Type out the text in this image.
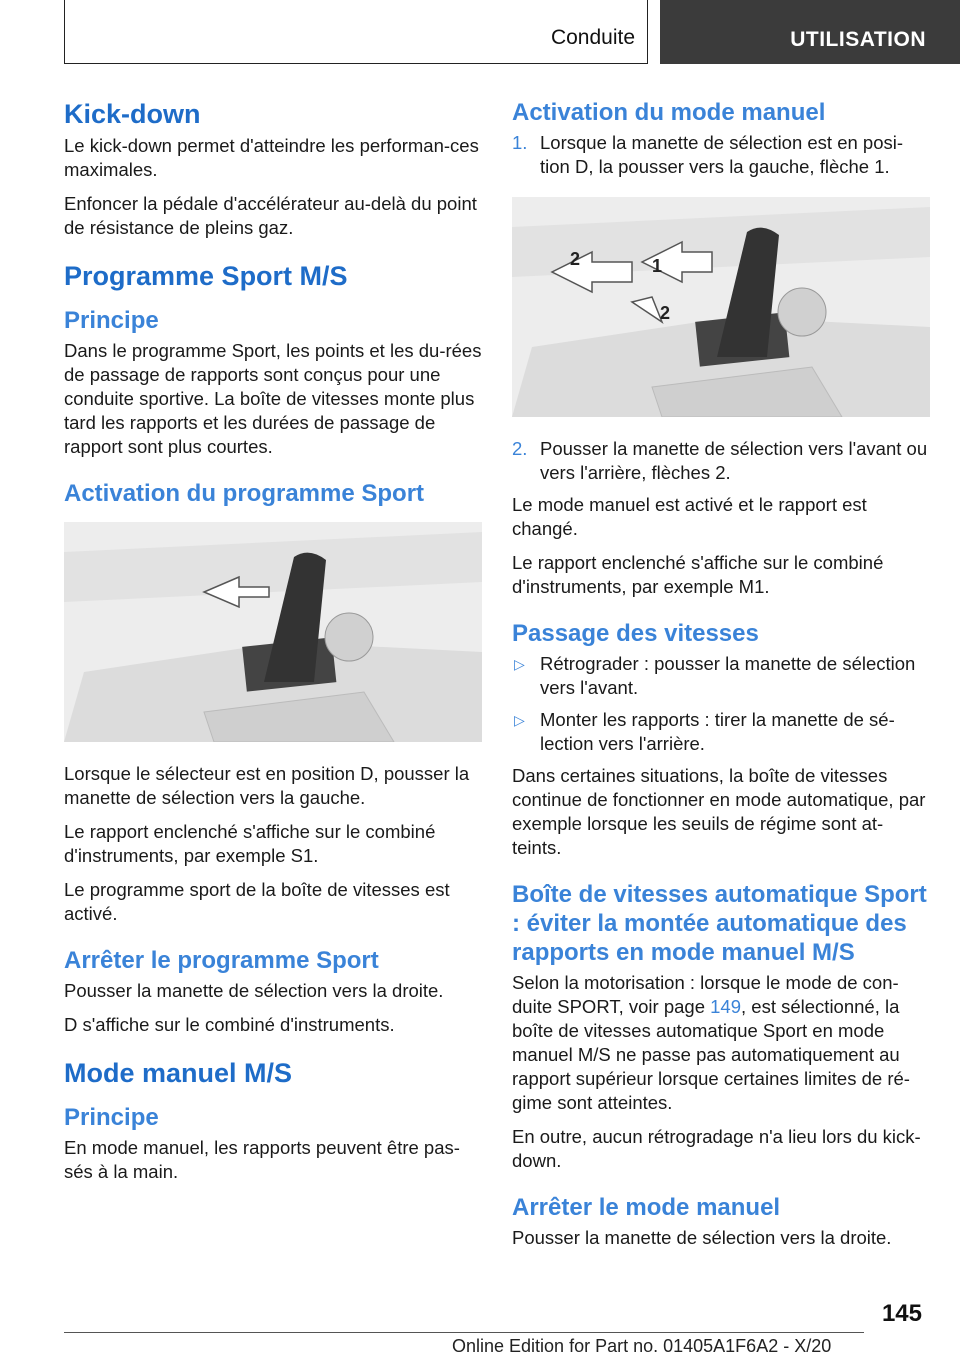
Conduite	UTILISATION
Kick-down
Le kick-down permet d'atteindre les performan‐ces maximales.
Enfoncer la pédale d'accélérateur au-delà du point de résistance de pleins gaz.
Programme Sport M/S
Principe
Dans le programme Sport, les points et les du‐rées de passage de rapports sont conçus pour une conduite sportive. La boîte de vitesses monte plus tard les rapports et les durées de passage de rapport sont plus courtes.
Activation du programme Sport
Lorsque le sélecteur est en position D, pousser la manette de sélection vers la gauche.
Le rapport enclenché s'affiche sur le combiné d'instruments, par exemple S1.
Le programme sport de la boîte de vitesses est activé.
Arrêter le programme Sport
Pousser la manette de sélection vers la droite.
D s'affiche sur le combiné d'instruments.
Mode manuel M/S
Principe
En mode manuel, les rapports peuvent être pas‐sés à la main.
Activation du mode manuel
1. Lorsque la manette de sélection est en posi‐tion D, la pousser vers la gauche, flèche 1.
2	1
2
2. Pousser la manette de sélection vers l'avant ou vers l'arrière, flèches 2.
Le mode manuel est activé et le rapport est changé.
Le rapport enclenché s'affiche sur le combiné d'instruments, par exemple M1.
Passage des vitesses
▷ Rétrograder : pousser la manette de sélection vers l'avant.
▷ Monter les rapports : tirer la manette de sé‐lection vers l'arrière.
Dans certaines situations, la boîte de vitesses continue de fonctionner en mode automatique, par exemple lorsque les seuils de régime sont at‐teints.
Boîte de vitesses automatique Sport : éviter la montée automatique des rapports en mode manuel M/S
Selon la motorisation : lorsque le mode de con‐duite SPORT, voir page 149, est sélectionné, la boîte de vitesses automatique Sport en mode manuel M/S ne passe pas automatiquement au rapport supérieur lorsque certaines limites de ré‐gime sont atteintes.
En outre, aucun rétrogradage n'a lieu lors du kick-down.
Arrêter le mode manuel
Pousser la manette de sélection vers la droite.
145
Online Edition for Part no. 01405A1F6A2 - X/20
